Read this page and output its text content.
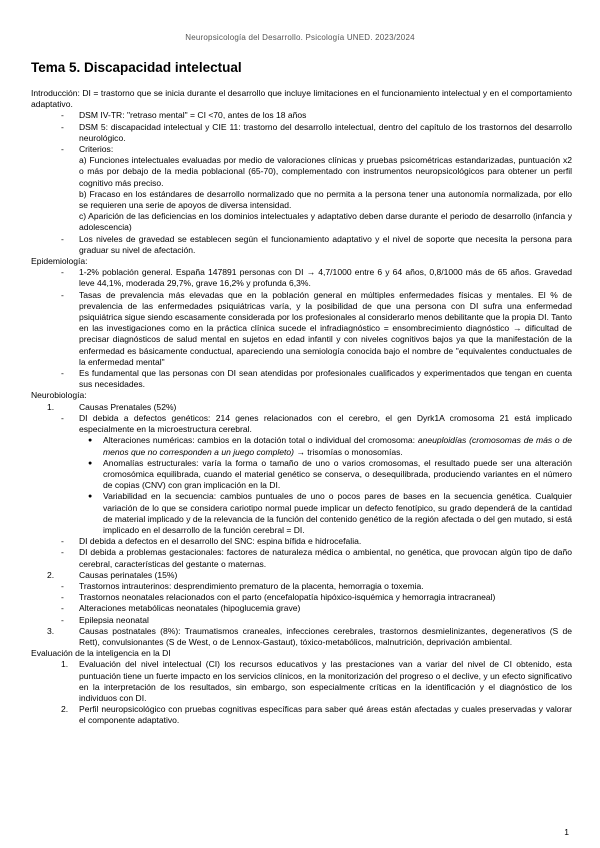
Neuropsicología del Desarrollo. Psicología UNED. 2023/2024
Tema 5. Discapacidad intelectual

Introducción: DI = trastorno que se inicia durante el desarrollo que incluye limitaciones en el funcionamiento intelectual y en el comportamiento adaptativo.

- DSM IV-TR: "retraso mental" = CI <70, antes de los 18 años
- DSM 5: discapacidad intelectual y CIE 11: trastorno del desarrollo intelectual, dentro del capítulo de los trastornos del desarrollo neurológico.
- Criterios:

a) Funciones intelectuales evaluadas por medio de valoraciones clínicas y pruebas psicométricas estandarizadas, puntuación x2 o más por debajo de la media poblacional (65-70), complementado con instrumentos neuropsicológicos para obtener un perfil cognitivo más preciso.

b) Fracaso en los estándares de desarrollo normalizado que no permita a la persona tener una autonomía normalizada, por ello se requieren una serie de apoyos de diversa intensidad.

c) Aparición de las deficiencias en los dominios intelectuales y adaptativo deben darse durante el periodo de desarrollo (infancia y adolescencia)

- Los niveles de gravedad se establecen según el funcionamiento adaptativo y el nivel de soporte que necesita la persona para graduar su nivel de afectación.

Epidemiología:

- 1-2% población general. España 147891 personas con DI → 4,7/1000 entre 6 y 64 años, 0,8/1000 más de 65 años. Gravedad leve 44,1%, moderada 29,7%, grave 16,2% y profunda 6,3%.
- Tasas de prevalencia más elevadas que en la población general en múltiples enfermedades físicas y mentales. El % de prevalencia de las enfermedades psiquiátricas varía, y la posibilidad de que una persona con DI sufra una enfermedad psiquiátrica sigue siendo escasamente considerada por los profesionales al considerarlo menos debilitante que la propia DI. Tanto en las investigaciones como en la práctica clínica sucede el infradiagnóstico = ensombrecimiento diagnóstico → dificultad de precisar diagnósticos de salud mental en sujetos en edad infantil y con niveles cognitivos bajos ya que la manifestación de la enfermedad es básicamente conductual, apareciendo una semiología conocida bajo el nombre de "equivalentes conductuales de la enfermedad mental"
- Es fundamental que las personas con DI sean atendidas por profesionales cualificados y experimentados que tengan en cuenta sus necesidades.

Neurobiología:

1.	Causas Prenatales (52%)
- DI debida a defectos genéticos: 214 genes relacionados con el cerebro, el gen Dyrk1A cromosoma 21 está implicado especialmente en la microestructura cerebral.
● Alteraciones numéricas: cambios en la dotación total o individual del cromosoma: aneuploidías (cromosomas de más o de menos que no corresponden a un juego completo) → trisomías o monosomías.
● Anomalías estructurales: varía la forma o tamaño de uno o varios cromosomas, el resultado puede ser una alteración cromosómica equilibrada, cuando el material genético se conserva, o desequilibrada, produciendo variantes en el número de copias (CNV) con gran implicación en la DI.
● Variabilidad en la secuencia: cambios puntuales de uno o pocos pares de bases en la secuencia genética. Cualquier variación de lo que se considera cariotipo normal puede implicar un defecto fenotípico, su grado dependerá de la cantidad de material implicado y de la relevancia de la función del contenido genético de la región afectada o del gen mutado, si está implicado en el desarrollo de la función cerebral = DI.
- DI debida a defectos en el desarrollo del SNC: espina bífida e hidrocefalia.
- DI debida a problemas gestacionales: factores de naturaleza médica o ambiental, no genética, que provocan algún tipo de daño cerebral, características del gestante o maternas.
2.	Causas perinatales (15%)
- Trastornos intrauterinos: desprendimiento prematuro de la placenta, hemorragia o toxemia.
- Trastornos neonatales relacionados con el parto (encefalopatía hipóxico-isquémica y hemorragia intracraneal)
- Alteraciones metabólicas neonatales (hipoglucemia grave)
- Epilepsia neonatal
3.	Causas postnatales (8%): Traumatismos craneales, infecciones cerebrales, trastornos desmielinizantes, degenerativos (S de Rett), convulsionantes (S de West, o de Lennox-Gastaut), tóxico-metabólicos, malnutrición, deprivación ambiental.

Evaluación de la inteligencia en la DI

1. Evaluación del nivel intelectual (CI) los recursos educativos y las prestaciones van a variar del nivel de CI obtenido, esta puntuación tiene un fuerte impacto en los servicios clínicos, en la monitorización del progreso o el declive, y un efecto significativo en la interpretación de los resultados, sin embargo, son especialmente críticas en la identificación y el diagnóstico de los individuos con DI.
2. Perfil neuropsicológico con pruebas cognitivas específicas para saber qué áreas están afectadas y cuales preservadas y valorar el componente adaptativo.
1
